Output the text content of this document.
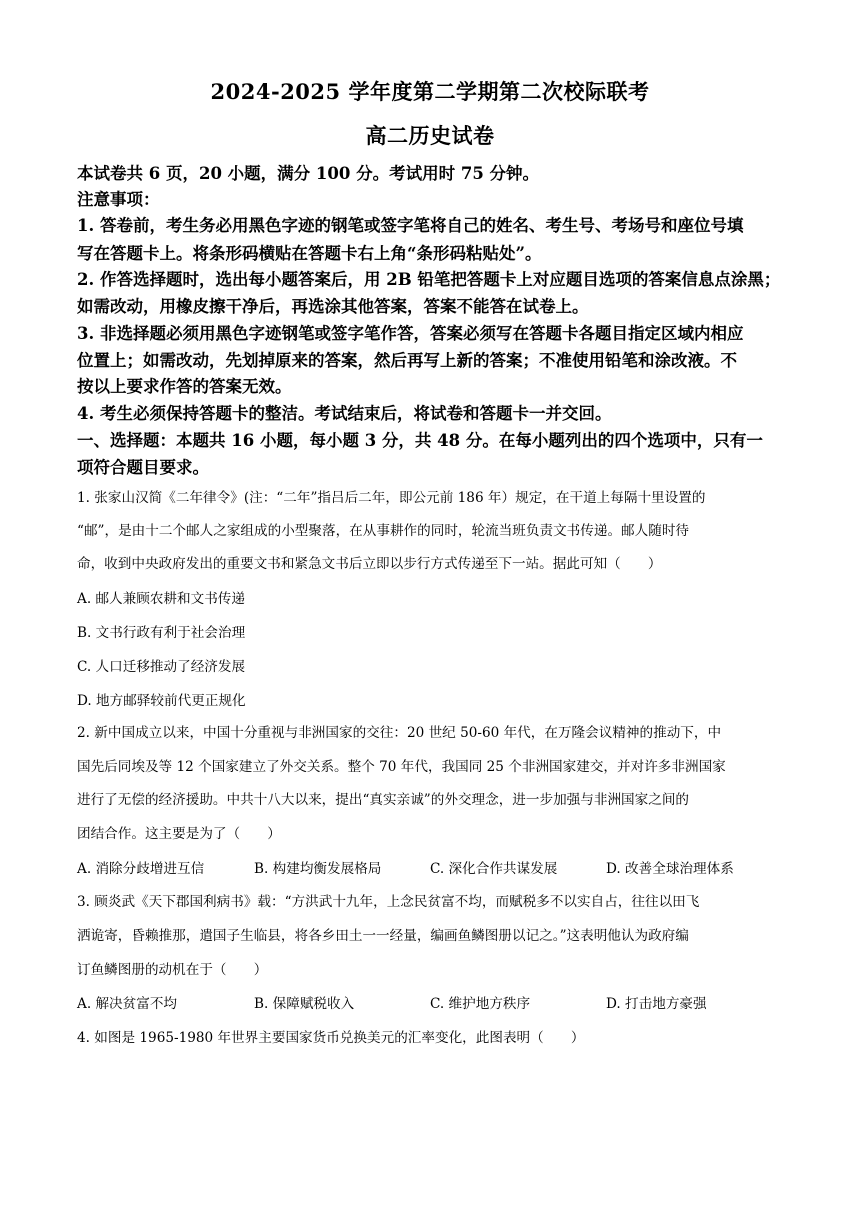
2024-2025 学年度第二学期第二次校际联考
高二历史试卷
本试卷共 6 页，20 小题，满分 100 分。考试用时 75 分钟。
注意事项：
1. 答卷前，考生务必用黑色字迹的钢笔或签字笔将自己的姓名、考生号、考场号和座位号填
写在答题卡上。将条形码横贴在答题卡右上角“条形码粘贴处”。
2. 作答选择题时，选出每小题答案后，用 2B 铅笔把答题卡上对应题目选项的答案信息点涂黑；
如需改动，用橡皮擦干净后，再选涂其他答案，答案不能答在试卷上。
3. 非选择题必须用黑色字迹钢笔或签字笔作答，答案必须写在答题卡各题目指定区域内相应
位置上；如需改动，先划掉原来的答案，然后再写上新的答案；不准使用铅笔和涂改液。不
按以上要求作答的答案无效。
4. 考生必须保持答题卡的整洁。考试结束后，将试卷和答题卡一并交回。
一、选择题：本题共 16 小题，每小题 3 分，共 48 分。在每小题列出的四个选项中，只有一
项符合题目要求。
1. 张家山汉简《二年律令》(注：“二年”指吕后二年，即公元前 186 年）规定，在干道上每隔十里设置的
“邮”，是由十二个邮人之家组成的小型聚落，在从事耕作的同时，轮流当班负责文书传递。邮人随时待
命，收到中央政府发出的重要文书和紧急文书后立即以步行方式传递至下一站。据此可知（　　）
A. 邮人兼顾农耕和文书传递
B. 文书行政有利于社会治理
C. 人口迁移推动了经济发展
D. 地方邮驿较前代更正规化
2. 新中国成立以来，中国十分重视与非洲国家的交往：20 世纪 50-60 年代，在万隆会议精神的推动下，中
国先后同埃及等 12 个国家建立了外交关系。整个 70 年代，我国同 25 个非洲国家建交，并对许多非洲国家
进行了无偿的经济援助。中共十八大以来，提出“真实亲诚”的外交理念，进一步加强与非洲国家之间的
团结合作。这主要是为了（　　）
A. 消除分歧增进互信	B. 构建均衡发展格局	C. 深化合作共谋发展	D. 改善全球治理体系
3. 顾炎武《天下郡国利病书》载：“方洪武十九年，上念民贫富不均，而赋税多不以实自占，往往以田飞
洒诡寄，昏赖推那，遣国子生临县，将各乡田土一一经量，编画鱼鳞图册以记之。”这表明他认为政府编
订鱼鳞图册的动机在于（　　）
A. 解决贫富不均	B. 保障赋税收入	C. 维护地方秩序	D. 打击地方豪强
4. 如图是 1965-1980 年世界主要国家货币兑换美元的汇率变化，此图表明（　　）
